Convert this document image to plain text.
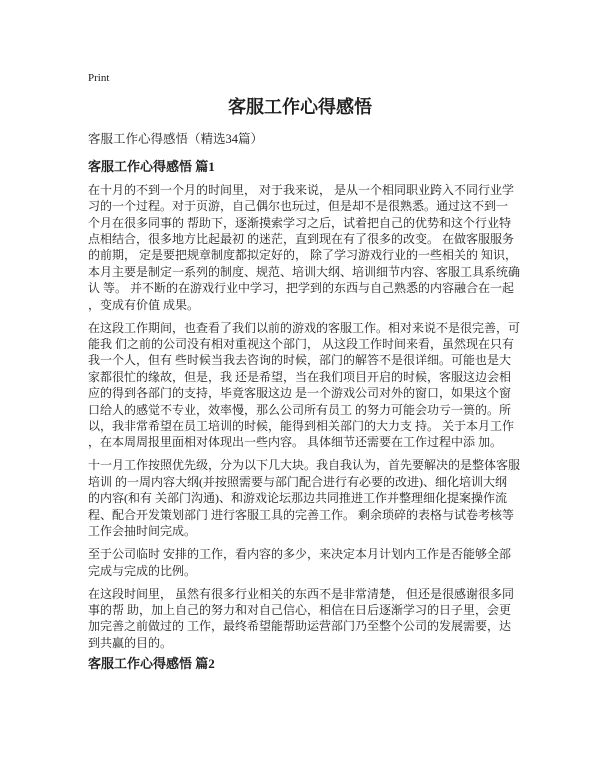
Print
客服工作心得感悟
客服工作心得感悟（精选34篇）
客服工作心得感悟 篇1
在十月的不到一个月的时间里， 对于我来说， 是从一个相同职业跨入不同行业学
习的一个过程。对于页游，自己偶尔也玩过，但是却不是很熟悉。通过这不到一
个月在很多同事的 帮助下，逐渐摸索学习之后，试着把自己的优势和这个行业特
点相结合，很多地方比起最初 的迷茫，直到现在有了很多的改变。 在做客服服务
的前期， 定是要把规章制度都拟定好的， 除了学习游戏行业的一些相关的 知识，
本月主要是制定一系列的制度、规范、培训大纲、培训细节内容、客服工具系统确
认 等。 并不断的在游戏行业中学习，把学到的东西与自己熟悉的内容融合在一起
，变成有价值 成果。
在这段工作期间，也查看了我们以前的游戏的客服工作。相对来说不是很完善，可
能我 们之前的公司没有相对重视这个部门， 从这段工作时间来看，虽然现在只有
我一个人，但有 些时候当我去咨询的时候，部门的解答不是很详细。可能也是大
家都很忙的缘故，但是，我 还是希望，当在我们项目开启的时候，客服这边会相
应的得到各部门的支持，毕竟客服这边 是一个游戏公司对外的窗口，如果这个窗
口给人的感觉不专业，效率慢，那么公司所有员工 的努力可能会功亏一篑的。所
以，我非常希望在员工培训的时候，能得到相关部门的大力支 持。 关于本月工作
，在本周周报里面相对体现出一些内容。 具体细节还需要在工作过程中添 加。
十一月工作按照优先级，分为以下几大块。我自我认为，首先要解决的是整体客服
培训 的一周内容大纲(并按照需要与部门配合进行有必要的改进)、细化培训大纲
的内容(和有 关部门沟通)、和游戏论坛那边共同推进工作并整理细化提案操作流
程、配合开发策划部门 进行客服工具的完善工作。 剩余琐碎的表格与试卷考核等
工作会抽时间完成。
至于公司临时 安排的工作，看内容的多少，来决定本月计划内工作是否能够全部
完成与完成的比例。
在这段时间里， 虽然有很多行业相关的东西不是非常清楚， 但还是很感谢很多同
事的帮 助，加上自己的努力和对自己信心，相信在日后逐渐学习的日子里，会更
加完善之前做过的 工作，最终希望能帮助运营部门乃至整个公司的发展需要，达
到共赢的目的。
客服工作心得感悟 篇2
